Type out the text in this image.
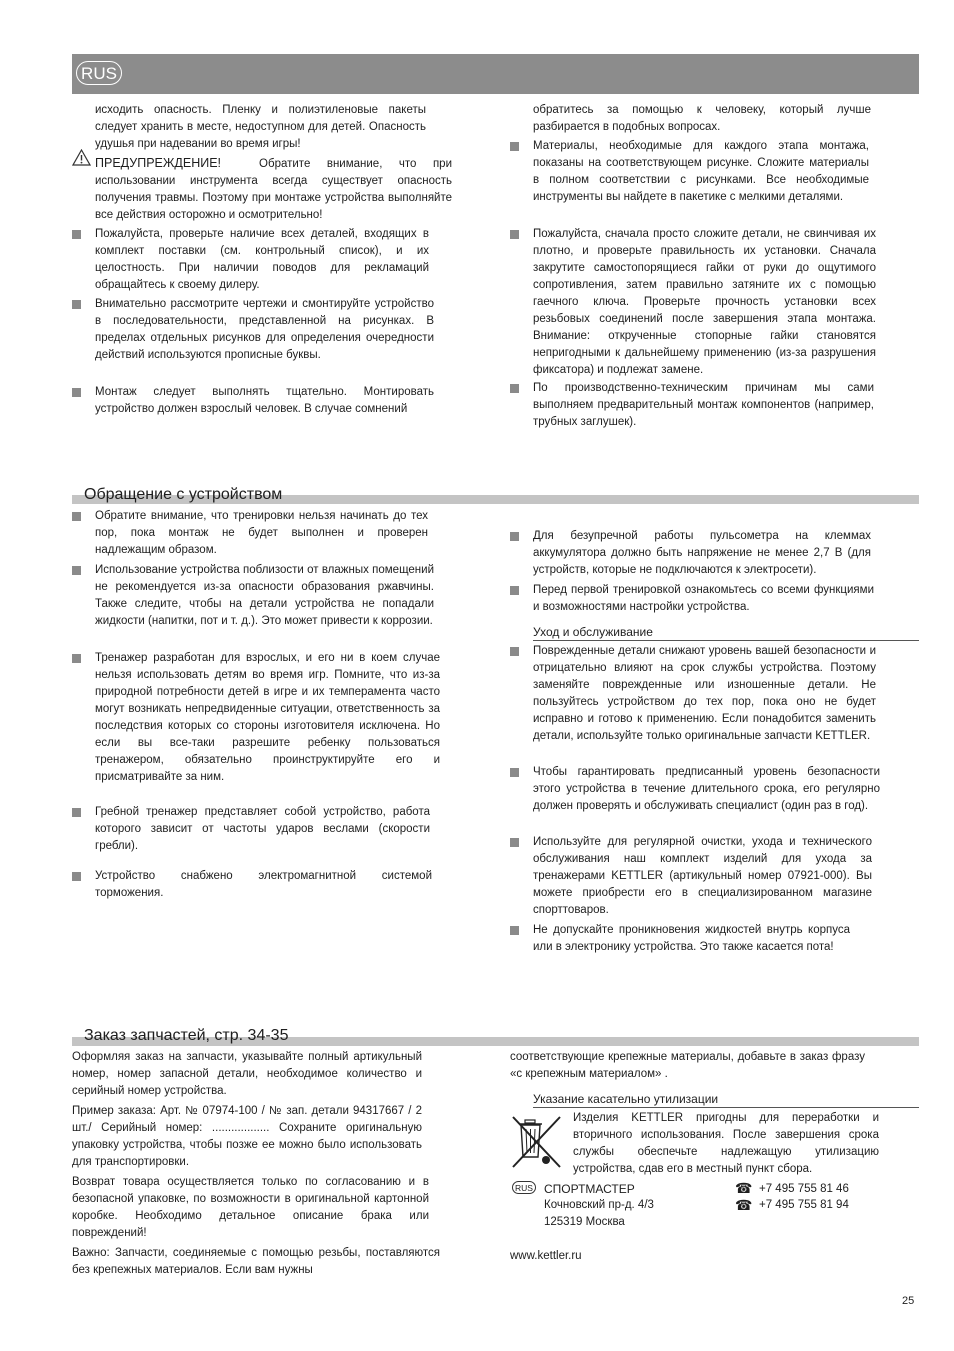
RUS
исходить опасность. Пленку и полиэтиленовые пакеты следует хранить в месте, недоступном для детей. Опасность удушья при надевании во время игры!
ПРЕДУПРЕЖДЕНИЕ!	Обратите внимание, что при использовании инструмента всегда существует опасность получения травмы. Поэтому при монтаже устройства выполняйте все действия осторожно и осмотрительно!
Пожалуйста, проверьте наличие всех деталей, входящих в комплект поставки (см. контрольный список), и их целостность. При наличии поводов для рекламаций обращайтесь к своему дилеру.
Внимательно рассмотрите чертежи и смонтируйте устройство в последовательности, представленной на рисунках. В пределах отдельных рисунков для определения очередности действий используются прописные буквы.
Монтаж следует выполнять тщательно. Монтировать устройство должен взрослый человек. В случае сомнений
обратитесь за помощью к человеку, который лучше разбирается в подобных вопросах.
Материалы, необходимые для каждого этапа монтажа, показаны на соответствующем рисунке. Сложите материалы в полном соответствии с рисунками. Все необходимые инструменты вы найдете в пакетике с мелкими деталями.
Пожалуйста, сначала просто сложите детали, не свинчивая их плотно, и проверьте правильность их установки. Сначала закрутите самостопорящиеся гайки от руки до ощутимого сопротивления, затем правильно затяните их с помощью гаечного ключа. Проверьте прочность установки всех резьбовых соединений после завершения этапа монтажа. Внимание: открученные стопорные гайки становятся непригодными к дальнейшему применению (из-за разрушения фиксатора) и подлежат замене.
По производственно-техническим причинам мы сами выполняем предварительный монтаж компонентов (например, трубных заглушек).
Обращение с устройством
Обратите внимание, что тренировки нельзя начинать до тех пор, пока монтаж не будет выполнен и проверен надлежащим образом.
Использование устройства поблизости от влажных помещений не рекомендуется из-за опасности образования ржавчины. Также следите, чтобы на детали устройства не попадали жидкости (напитки, пот и т. д.). Это может привести к коррозии.
Тренажер разработан для взрослых, и его ни в коем случае нельзя использовать детям во время игр. Помните, что из-за природной потребности детей в игре и их темперамента часто могут возникать непредвиденные ситуации, ответственность за последствия которых со стороны изготовителя исключена. Но если вы все-таки разрешите ребенку пользоваться тренажером, обязательно проинструктируйте его и присматривайте за ним.
Гребной тренажер представляет собой устройство, работа которого зависит от частоты ударов веслами (скорости гребли).
Устройство снабжено электромагнитной системой торможения.
Для безупречной работы пульсометра на клеммах аккумулятора должно быть напряжение не менее 2,7 В (для устройств, которые не подключаются к электросети).
Перед первой тренировкой ознакомьтесь со всеми функциями и возможностями настройки устройства.
Уход и обслуживание
Поврежденные детали снижают уровень вашей безопасности и отрицательно влияют на срок службы устройства. Поэтому заменяйте поврежденные или изношенные детали. Не пользуйтесь устройством до тех пор, пока оно не будет исправно и готово к применению. Если понадобится заменить детали, используйте только оригинальные запчасти KETTLER.
Чтобы гарантировать предписанный уровень безопасности этого устройства в течение длительного срока, его регулярно должен проверять и обслуживать специалист (один раз в год).
Используйте для регулярной очистки, ухода и технического обслуживания наш комплект изделий для ухода за тренажерами KETTLER (артикульный номер 07921-000). Вы можете приобрести его в специализированном магазине спорттоваров.
Не допускайте проникновения жидкостей внутрь корпуса или в электронику устройства. Это также касается пота!
Заказ запчастей, стр. 34-35
Оформляя заказ на запчасти, указывайте полный артикульный номер, номер запасной детали, необходимое количество и серийный номер устройства.
Пример заказа: Арт. № 07974-100 / № зап. детали 94317667 / 2 шт./ Серийный номер: .................. Сохраните оригинальную упаковку устройства, чтобы позже ее можно было использовать для транспортировки.
Возврат товара осуществляется только по согласованию и в безопасной упаковке, по возможности в оригинальной картонной коробке. Необходимо детальное описание брака или повреждений!
Важно: Запчасти, соединяемые с помощью резьбы, поставляются без крепежных материалов. Если вам нужны
соответствующие крепежные материалы, добавьте в заказ фразу «с крепежным материалом» .
Указание касательно утилизации
Изделия KETTLER пригодны для переработки и вторичного использования. После завершения срока службы обеспечьте надлежащую утилизацию устройства, сдав его в местный пункт сбора.
RUS СПОРТМАСТЕР
Кочновский пр-д. 4/3
125319 Москва
☎ +7 495 755 81 46
☎ +7 495 755 81 94
www.kettler.ru
25
